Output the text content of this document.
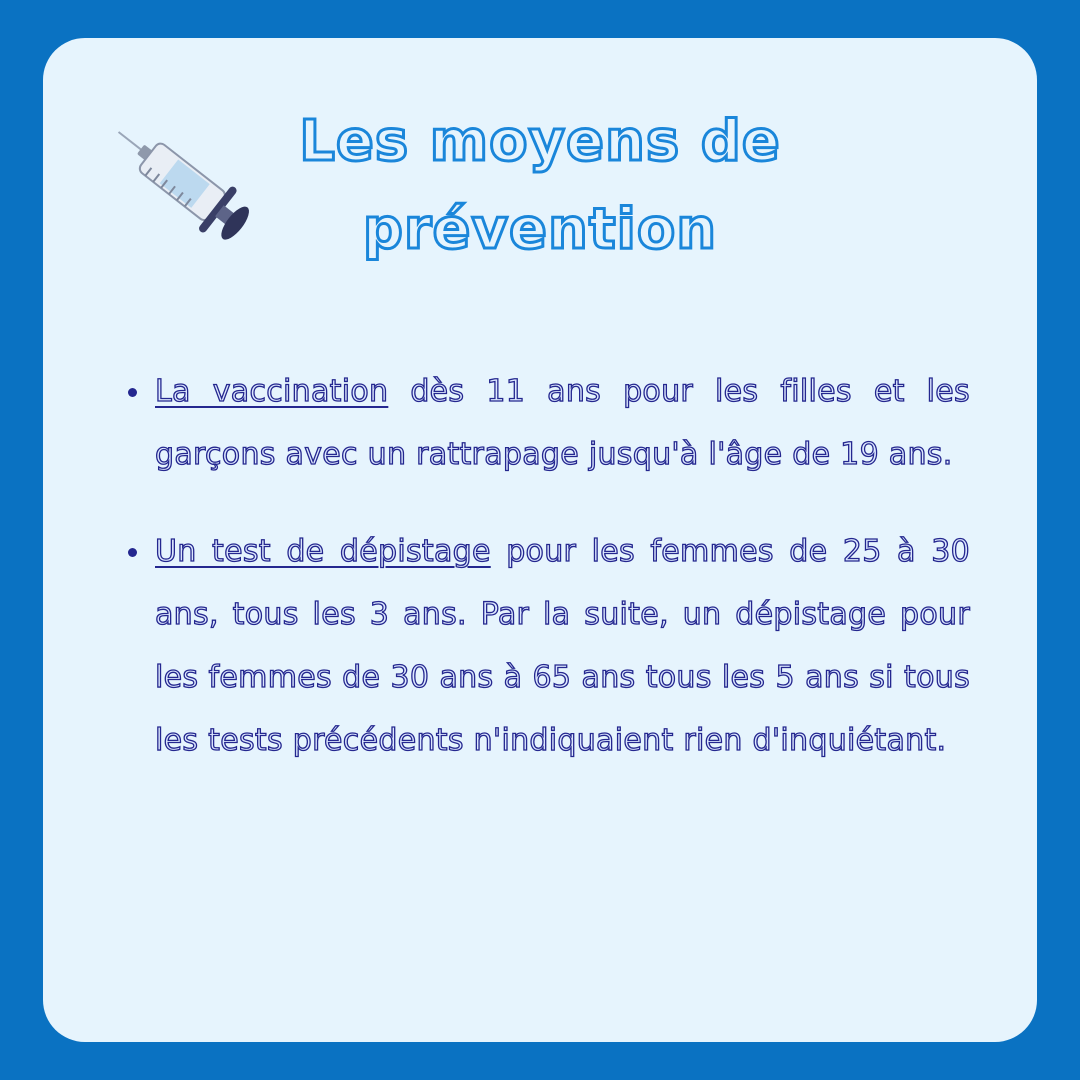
Les moyens de
prévention
La vaccination dès 11 ans pour les filles et les garçons avec un rattrapage jusqu'à l'âge de 19 ans.
Un test de dépistage pour les femmes de 25 à 30 ans, tous les 3 ans. Par la suite, un dépistage pour les femmes de 30 ans à 65 ans tous les 5 ans si tous les tests précédents n'indiquaient rien d'inquiétant.
